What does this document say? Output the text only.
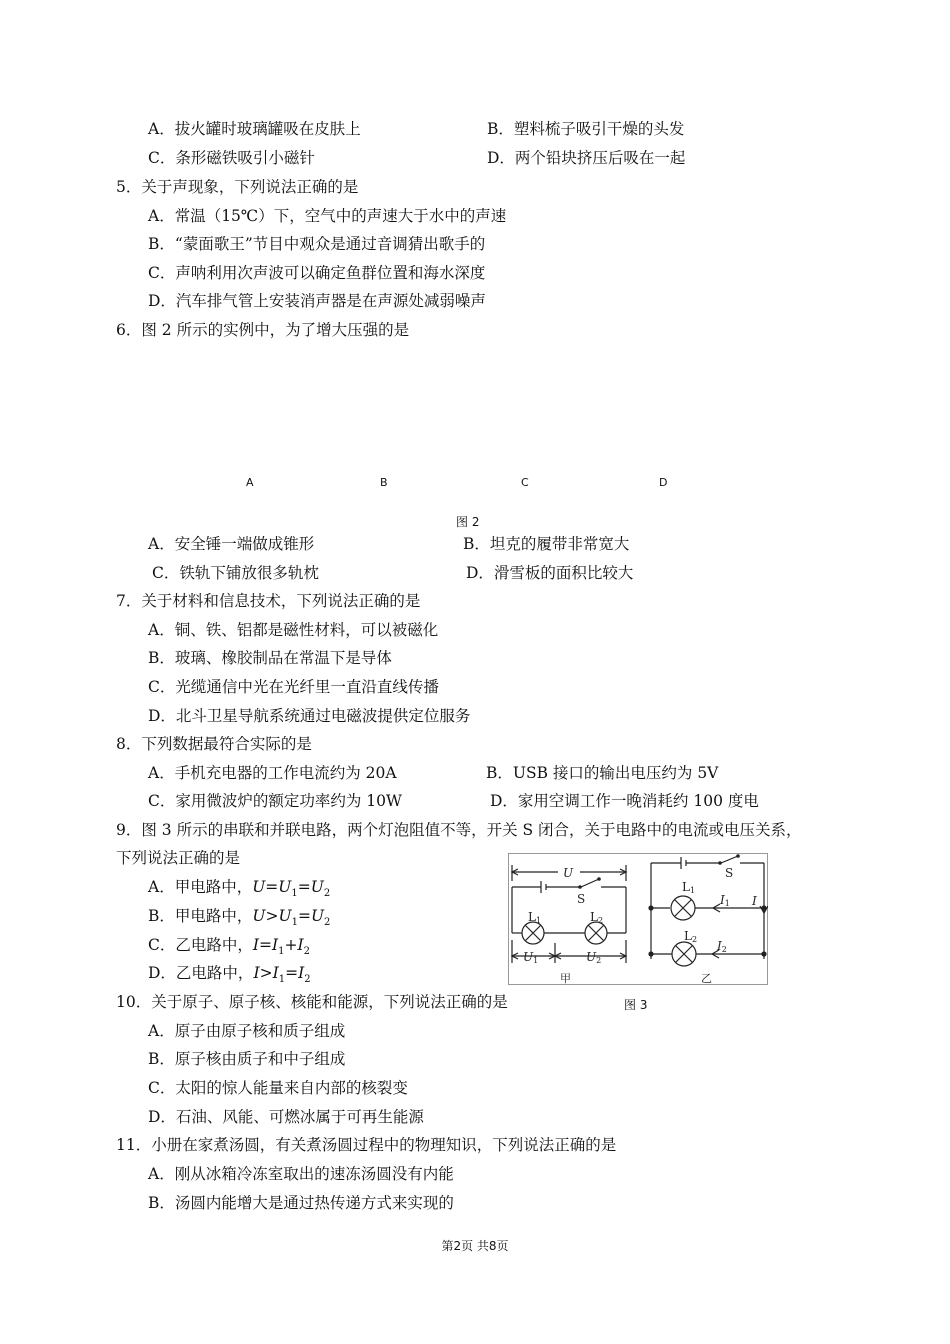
A．拔火罐时玻璃罐吸在皮肤上	B．塑料梳子吸引干燥的头发
C．条形磁铁吸引小磁针	D．两个铅块挤压后吸在一起
5．关于声现象，下列说法正确的是
A．常温（15℃）下，空气中的声速大于水中的声速
B．“蒙面歌王”节目中观众是通过音调猜出歌手的
C．声呐利用次声波可以确定鱼群位置和海水深度
D．汽车排气管上安装消声器是在声源处减弱噪声
6．图 2 所示的实例中，为了增大压强的是
A	B	C	D
图 2
A．安全锤一端做成锥形	B．坦克的履带非常宽大
C．铁轨下铺放很多轨枕	D．滑雪板的面积比较大
7．关于材料和信息技术，下列说法正确的是
A．铜、铁、铝都是磁性材料，可以被磁化
B．玻璃、橡胶制品在常温下是导体
C．光缆通信中光在光纤里一直沿直线传播
D．北斗卫星导航系统通过电磁波提供定位服务
8．下列数据最符合实际的是
A．手机充电器的工作电流约为 20A	B．USB 接口的输出电压约为 5V
C．家用微波炉的额定功率约为 10W	D．家用空调工作一晚消耗约 100 度电
9．图 3 所示的串联和并联电路，两个灯泡阻值不等，开关 S 闭合，关于电路中的电流或电压关系，
下列说法正确的是
A．甲电路中，$U=U_1=U_2$
B．甲电路中，$U>U_1=U_2$
C．乙电路中，$I=I_1+I_2$
D．乙电路中，$I>I_1=I_2$
U
S
L1	L2
U1	U2
S
L1
L2
I1
I2
I
甲	乙
图 3
10．关于原子、原子核、核能和能源，下列说法正确的是
A．原子由原子核和质子组成
B．原子核由质子和中子组成
C．太阳的惊人能量来自内部的核裂变
D．石油、风能、可燃冰属于可再生能源
11．小册在家煮汤圆，有关煮汤圆过程中的物理知识，下列说法正确的是
A．刚从冰箱冷冻室取出的速冻汤圆没有内能
B．汤圆内能增大是通过热传递方式来实现的
第2页 共8页
